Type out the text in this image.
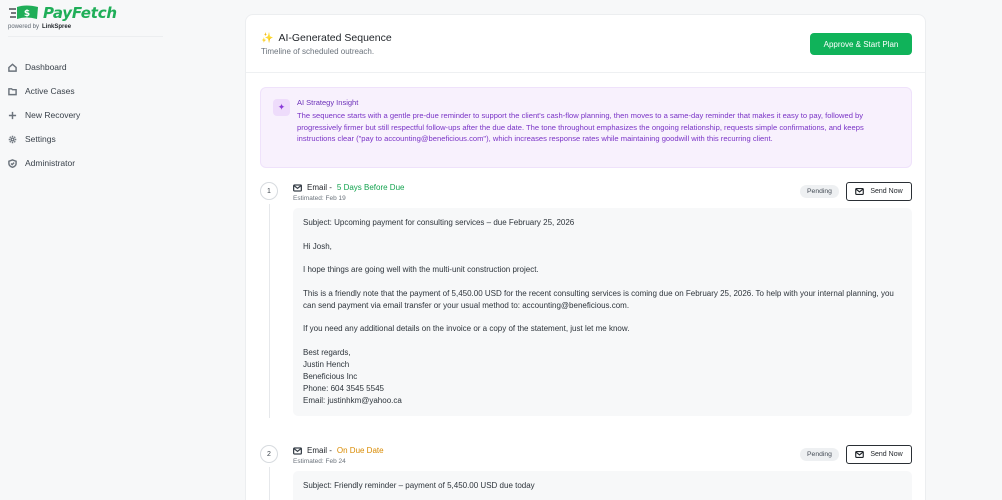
$ PayFetch
powered by LinkSpree
Dashboard
Active Cases
New Recovery
Settings
Administrator
✨ AI-Generated Sequence
Timeline of scheduled outreach.
Approve & Start Plan
✦	AI Strategy Insight
The sequence starts with a gentle pre-due reminder to support the client's cash-flow planning, then moves to a same-day reminder that makes it easy to pay, followed by progressively firmer but still respectful follow-ups after the due date. The tone throughout emphasizes the ongoing relationship, requests simple confirmations, and keeps instructions clear ("pay to accounting@beneficious.com"), which increases response rates while maintaining goodwill with this recurring client.
1	Email - 5 Days Before Due
Estimated: Feb 19
Pending	Send Now

Subject: Upcoming payment for consulting services – due February 25, 2026

Hi Josh,

I hope things are going well with the multi-unit construction project.

This is a friendly note that the payment of 5,450.00 USD for the recent consulting services is coming due on February 25, 2026. To help with your internal planning, you can send payment via email transfer or your usual method to: accounting@beneficious.com.

If you need any additional details on the invoice or a copy of the statement, just let me know.

Best regards,
Justin Hench
Beneficious Inc
Phone: 604 3545 5545
Email: justinhkm@yahoo.ca
2	Email - On Due Date
Estimated: Feb 24
Pending	Send Now

Subject: Friendly reminder – payment of 5,450.00 USD due today
